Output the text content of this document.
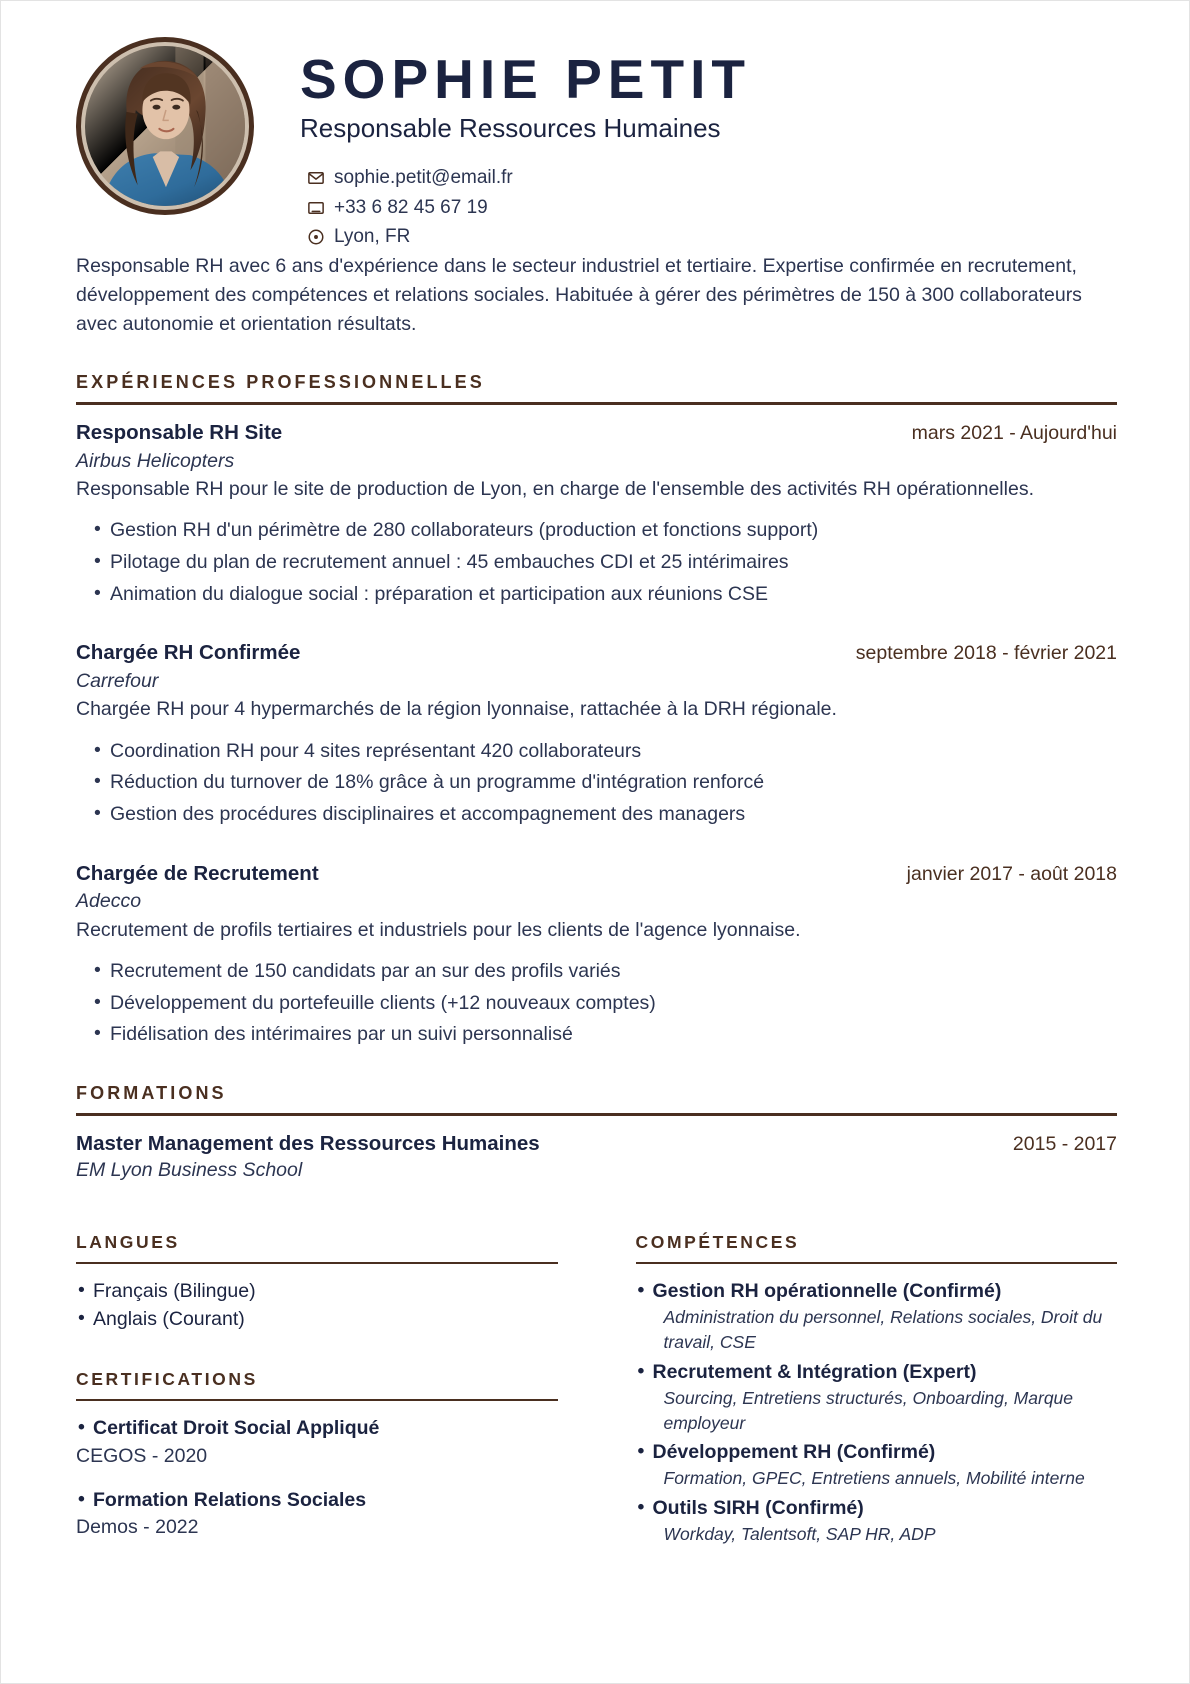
SOPHIE PETIT
Responsable Ressources Humaines
sophie.petit@email.fr
+33 6 82 45 67 19
Lyon, FR

Responsable RH avec 6 ans d'expérience dans le secteur industriel et tertiaire. Expertise confirmée en recrutement, développement des compétences et relations sociales. Habituée à gérer des périmètres de 150 à 300 collaborateurs avec autonomie et orientation résultats.

EXPÉRIENCES PROFESSIONNELLES
Responsable RH Site	mars 2021 - Aujourd'hui
Airbus Helicopters
Responsable RH pour le site de production de Lyon, en charge de l'ensemble des activités RH opérationnelles.
• Gestion RH d'un périmètre de 280 collaborateurs (production et fonctions support)
• Pilotage du plan de recrutement annuel : 45 embauches CDI et 25 intérimaires
• Animation du dialogue social : préparation et participation aux réunions CSE
Chargée RH Confirmée	septembre 2018 - février 2021
Carrefour
Chargée RH pour 4 hypermarchés de la région lyonnaise, rattachée à la DRH régionale.
• Coordination RH pour 4 sites représentant 420 collaborateurs
• Réduction du turnover de 18% grâce à un programme d'intégration renforcé
• Gestion des procédures disciplinaires et accompagnement des managers
Chargée de Recrutement	janvier 2017 - août 2018
Adecco
Recrutement de profils tertiaires et industriels pour les clients de l'agence lyonnaise.
• Recrutement de 150 candidats par an sur des profils variés
• Développement du portefeuille clients (+12 nouveaux comptes)
• Fidélisation des intérimaires par un suivi personnalisé
FORMATIONS
Master Management des Ressources Humaines	2015 - 2017
EM Lyon Business School
LANGUES
• Français (Bilingue)
• Anglais (Courant)
CERTIFICATIONS
• Certificat Droit Social Appliqué
CEGOS - 2020
• Formation Relations Sociales
Demos - 2022
COMPÉTENCES
• Gestion RH opérationnelle (Confirmé)
Administration du personnel, Relations sociales, Droit du travail, CSE
• Recrutement & Intégration (Expert)
Sourcing, Entretiens structurés, Onboarding, Marque employeur
• Développement RH (Confirmé)
Formation, GPEC, Entretiens annuels, Mobilité interne
• Outils SIRH (Confirmé)
Workday, Talentsoft, SAP HR, ADP
